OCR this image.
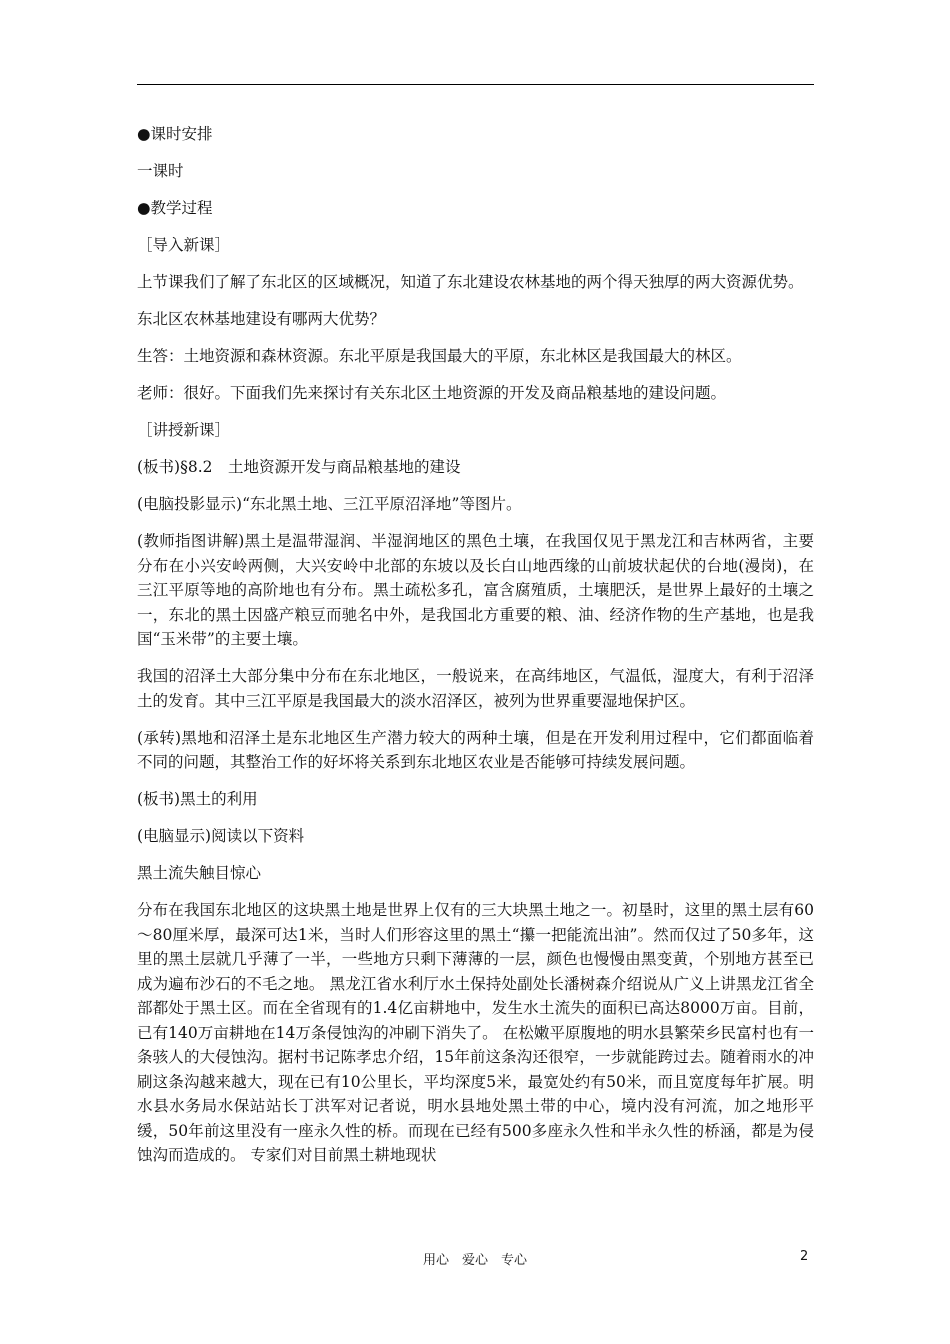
●课时安排

一课时

●教学过程

［导入新课］

上节课我们了解了东北区的区域概况，知道了东北建设农林基地的两个得天独厚的两大资源优势。

东北区农林基地建设有哪两大优势？

生答：土地资源和森林资源。东北平原是我国最大的平原，东北林区是我国最大的林区。

老师：很好。下面我们先来探讨有关东北区土地资源的开发及商品粮基地的建设问题。

［讲授新课］

(板书)§8.2　土地资源开发与商品粮基地的建设

(电脑投影显示)“东北黑土地、三江平原沼泽地”等图片。

(教师指图讲解)黑土是温带湿润、半湿润地区的黑色土壤，在我国仅见于黑龙江和吉林两省，主要分布在小兴安岭两侧，大兴安岭中北部的东坡以及长白山地西缘的山前坡状起伏的台地(漫岗)，在三江平原等地的高阶地也有分布。黑土疏松多孔，富含腐殖质，土壤肥沃，是世界上最好的土壤之一，东北的黑土因盛产粮豆而驰名中外，是我国北方重要的粮、油、经济作物的生产基地，也是我国“玉米带”的主要土壤。

我国的沼泽土大部分集中分布在东北地区，一般说来，在高纬地区，气温低，湿度大，有利于沼泽土的发育。其中三江平原是我国最大的淡水沼泽区，被列为世界重要湿地保护区。

(承转)黑地和沼泽土是东北地区生产潜力较大的两种土壤，但是在开发利用过程中，它们都面临着不同的问题，其整治工作的好坏将关系到东北地区农业是否能够可持续发展问题。

(板书)黑土的利用

(电脑显示)阅读以下资料

黑土流失触目惊心

分布在我国东北地区的这块黑土地是世界上仅有的三大块黑土地之一。初垦时，这里的黑土层有60～80厘米厚，最深可达1米，当时人们形容这里的黑土“攥一把能流出油”。然而仅过了50多年，这里的黑土层就几乎薄了一半，一些地方只剩下薄薄的一层，颜色也慢慢由黑变黄，个别地方甚至已成为遍布沙石的不毛之地。 黑龙江省水利厅水土保持处副处长潘树森介绍说从广义上讲黑龙江省全部都处于黑土区。而在全省现有的1.4亿亩耕地中，发生水土流失的面积已高达8000万亩。目前，已有140万亩耕地在14万条侵蚀沟的冲刷下消失了。 在松嫩平原腹地的明水县繁荣乡民富村也有一条骇人的大侵蚀沟。据村书记陈孝忠介绍，15年前这条沟还很窄，一步就能跨过去。随着雨水的冲刷这条沟越来越大，现在已有10公里长，平均深度5米，最宽处约有50米，而且宽度每年扩展。明水县水务局水保站站长丁洪军对记者说，明水县地处黑土带的中心，境内没有河流，加之地形平缓，50年前这里没有一座永久性的桥。而现在已经有500多座永久性和半永久性的桥涵，都是为侵蚀沟而造成的。 专家们对目前黑土耕地现状

用心　爱心　专心	2
